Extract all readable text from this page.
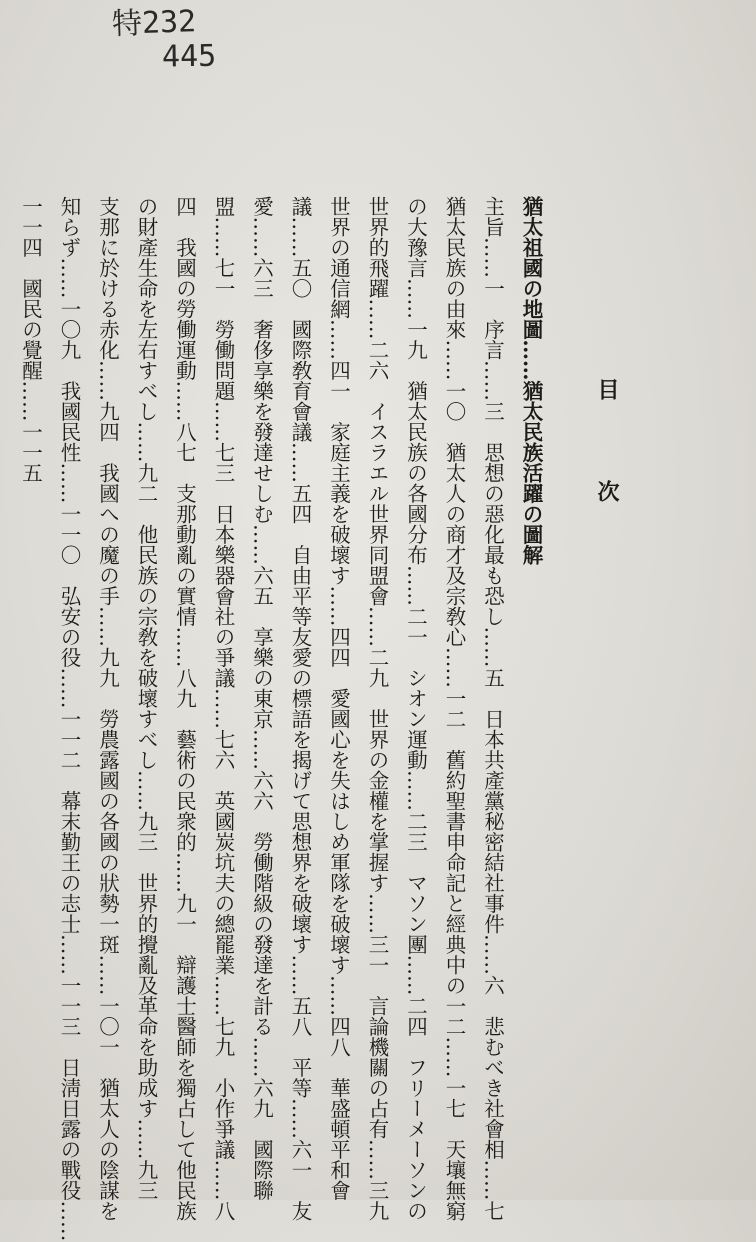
特232
445
目
次
猶太祖國の地圖……猶太民族活躍の圖解
主旨……一　序言……三　思想の惡化最も恐し……五　日本共產黨秘密結社事件……六　悲むべき社會相……七
猶太民族の由來……一〇　猶太人の商才及宗敎心……一二　舊約聖書申命記と經典中の一二……一七　天壤無窮
の大豫言……一九　猶太民族の各國分布……二一　シオン運動……二三　マソン團……二四　フリーメーソンの
世界的飛躍……二六　イスラエル世界同盟會……二九　世界の金權を掌握す……三一　言論機關の占有……三九
世界の通信網……四一　家庭主義を破壞す……四四　愛國心を失はしめ軍隊を破壞す……四八　華盛頓平和會
議……五〇　國際敎育會議……五四　自由平等友愛の標語を揭げて思想界を破壞す……五八　平等……六一　友
愛……六三　奢侈享樂を發達せしむ……六五　享樂の東京……六六　勞働階級の發達を計る……六九　國際聯
盟……七一　勞働問題……七三　日本樂器會社の爭議……七六　英國炭坑夫の總罷業……七九　小作爭議……八
四　我國の勞働運動……八七　支那動亂の實情……八九　藝術の民衆的……九一　辯護士醫師を獨占して他民族
の財產生命を左右すべし……九二　他民族の宗敎を破壞すべし……九三　世界的攪亂及革命を助成す……九三
支那に於ける赤化……九四　我國への魔の手……九九　勞農露國の各國の狀勢一斑……一〇一　猶太人の陰謀を
知らず……一〇九　我國民性……一一〇　弘安の役……一一二　幕末勤王の志士……一一三　日淸日露の戰役……
一一四　國民の覺醒……一一五
